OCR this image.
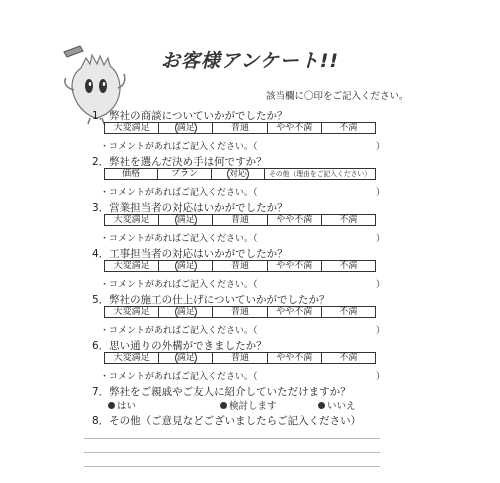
お客様アンケート!!
該当欄に〇印をご記入ください。
1．弊社の商談についていかがでしたか？
大変満足	満足	普通	やや不満	不満
・コメントがあればご記入ください。（	）
2．弊社を選んだ決め手は何ですか？
価格	プラン	対応	その他（理由をご記入ください）
・コメントがあればご記入ください。（	）
3．営業担当者の対応はいかがでしたか？
大変満足	満足	普通	やや不満	不満
・コメントがあればご記入ください。（	）
4．工事担当者の対応はいかがでしたか？
大変満足	満足	普通	やや不満	不満
・コメントがあればご記入ください。（	）
5．弊社の施工の仕上げについていかがでしたか？
大変満足	満足	普通	やや不満	不満
・コメントがあればご記入ください。（	）
6．思い通りの外構ができましたか？
大変満足	満足	普通	やや不満	不満
・コメントがあればご記入ください。（	）
7．弊社をご親戚やご友人に紹介していただけますか？
はい	検討します	いいえ
8．その他（ご意見などございましたらご記入ください）
